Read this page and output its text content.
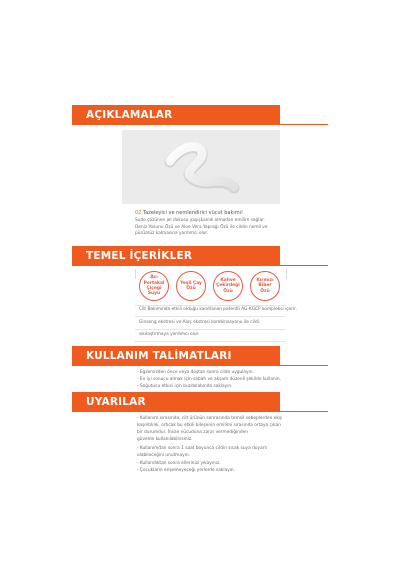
AÇIKLAMALAR
02 Tazeleyici ve nemlendirici vücut bakımı!
Sudo çözünen jel dokusu yaşışkanlık olmadan emilim sağlar.
Deniz Yosunu Özü ve Aloe Vera Yaprağı Özü ile cildin nemli ve
pürüzsüz kalmasına yardımcı olur.
TEMEL İÇERİKLER
Acı Portakal Çiçeği Suyu
Yeşil Çay Özü
Kahve Çekirdeği Özü
Kırmızı Biber Özü
Cilt Bakımında etkili olduğu kanıtlanan patentli AG-KGCP kompleksi içerir.
Ginseng ekstresi ve Aloş ekstresi kombinasyonu ile cildi
sıkılaştırmaya yardımcı olur.
KULLANIM TALİMATLARI
- Egzersizden önce veya doştan sonra cilde uygulayın.
- En iyi sonucu almak için sabah ve akşam düzenli şekilde kullanın.
- Soğutucu etkisi için buzdolabında saklayın.
UYARILAR
- Kullanım sırasında, cilt ürünün sonrasında temsil sebeplerden ekşı
kaşıntılılık, ortıcak bu etkili bileşenin emilimi sırasında ortaya çıkan
bir durumdur. İnsan vücuduna zarar vermediğinden
güvenle kullanılabilirsiniz.
- Kullanımdan sonra 1 saat boyunca cildin sıcak suya duyarlı
olabileceğini unutmayın.
- Kullandıktan sonra ellerinizi yıkayınız.
- Çocukların erişemeyeceği yerlerde saklayın.
